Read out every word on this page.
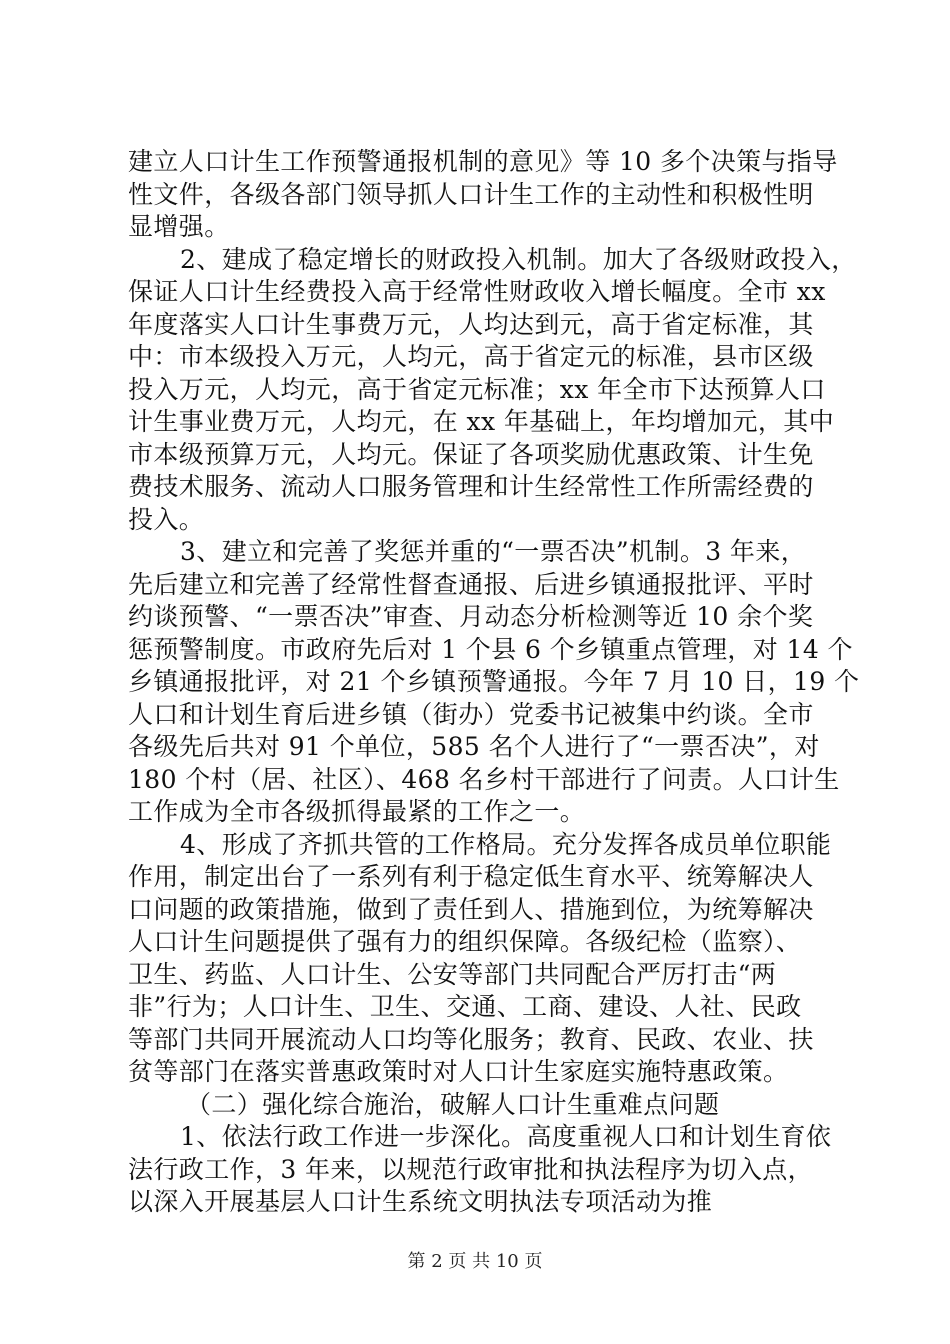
建立人口计生工作预警通报机制的意见》等 10 多个决策与指导
性文件，各级各部门领导抓人口计生工作的主动性和积极性明
显增强。
2、建成了稳定增长的财政投入机制。加大了各级财政投入，
保证人口计生经费投入高于经常性财政收入增长幅度。全市 xx
年度落实人口计生事费万元，人均达到元，高于省定标准，其
中：市本级投入万元，人均元，高于省定元的标准，县市区级
投入万元，人均元，高于省定元标准；xx 年全市下达预算人口
计生事业费万元，人均元，在 xx 年基础上，年均增加元，其中
市本级预算万元，人均元。保证了各项奖励优惠政策、计生免
费技术服务、流动人口服务管理和计生经常性工作所需经费的
投入。
3、建立和完善了奖惩并重的“一票否决”机制。3 年来，
先后建立和完善了经常性督查通报、后进乡镇通报批评、平时
约谈预警、“一票否决”审查、月动态分析检测等近 10 余个奖
惩预警制度。市政府先后对 1 个县 6 个乡镇重点管理，对 14 个
乡镇通报批评，对 21 个乡镇预警通报。今年 7 月 10 日，19 个
人口和计划生育后进乡镇（街办）党委书记被集中约谈。全市
各级先后共对 91 个单位，585 名个人进行了“一票否决”，对
180 个村（居、社区）、468 名乡村干部进行了问责。人口计生
工作成为全市各级抓得最紧的工作之一。
4、形成了齐抓共管的工作格局。充分发挥各成员单位职能
作用，制定出台了一系列有利于稳定低生育水平、统筹解决人
口问题的政策措施，做到了责任到人、措施到位，为统筹解决
人口计生问题提供了强有力的组织保障。各级纪检（监察）、
卫生、药监、人口计生、公安等部门共同配合严厉打击“两
非”行为；人口计生、卫生、交通、工商、建设、人社、民政
等部门共同开展流动人口均等化服务；教育、民政、农业、扶
贫等部门在落实普惠政策时对人口计生家庭实施特惠政策。
（二）强化综合施治，破解人口计生重难点问题
1、依法行政工作进一步深化。高度重视人口和计划生育依
法行政工作，3 年来，以规范行政审批和执法程序为切入点，
以深入开展基层人口计生系统文明执法专项活动为推
第 2 页 共 10 页
